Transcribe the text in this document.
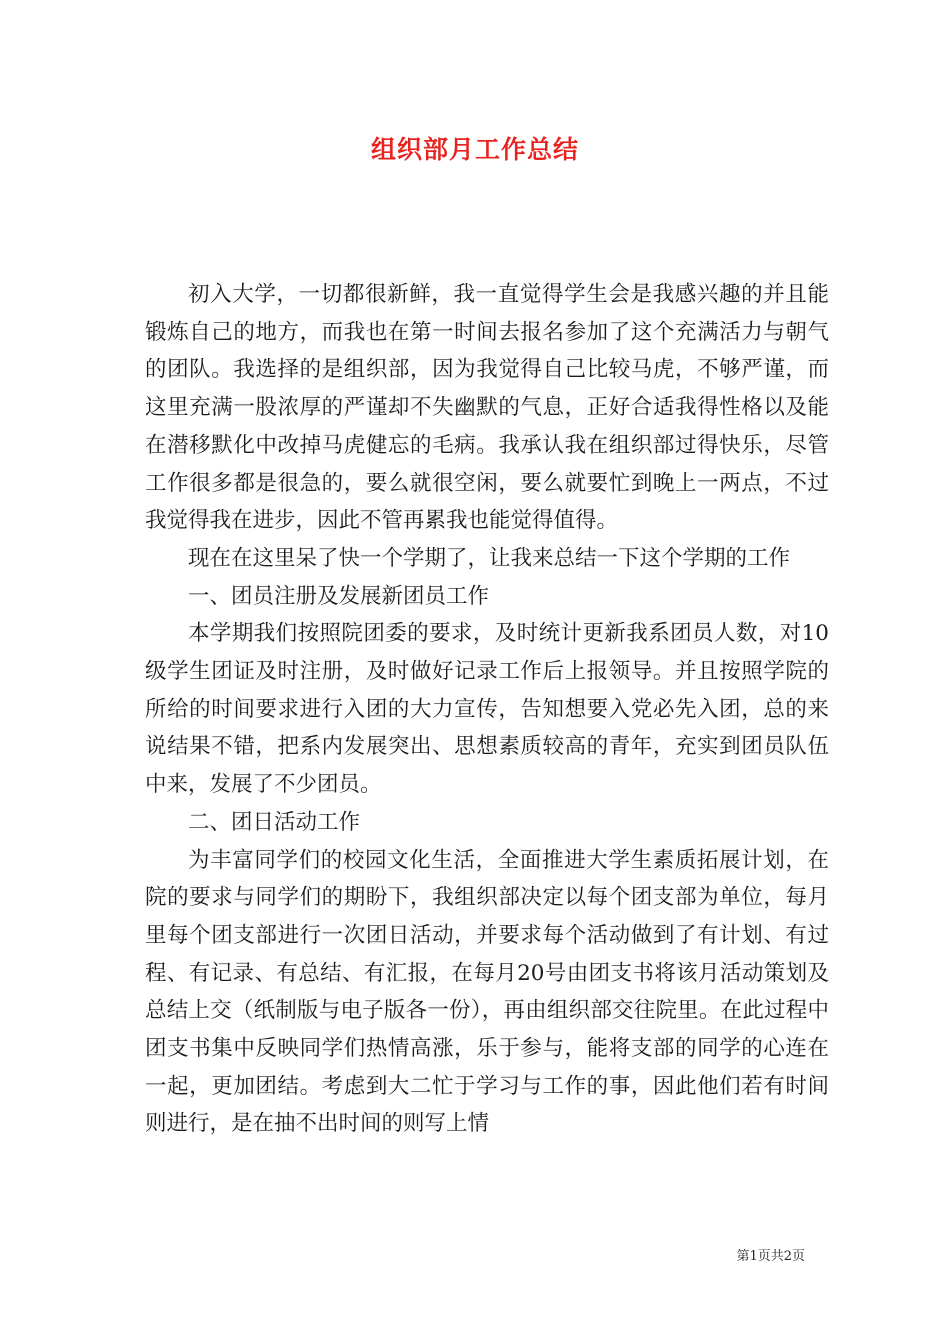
组织部月工作总结

初入大学，一切都很新鲜，我一直觉得学生会是我感兴趣的并且能锻炼自己的地方，而我也在第一时间去报名参加了这个充满活力与朝气的团队。我选择的是组织部，因为我觉得自己比较马虎，不够严谨，而这里充满一股浓厚的严谨却不失幽默的气息，正好合适我得性格以及能在潜移默化中改掉马虎健忘的毛病。我承认我在组织部过得快乐，尽管工作很多都是很急的，要么就很空闲，要么就要忙到晚上一两点，不过我觉得我在进步，因此不管再累我也能觉得值得。

现在在这里呆了快一个学期了，让我来总结一下这个学期的工作

一、团员注册及发展新团员工作

本学期我们按照院团委的要求，及时统计更新我系团员人数，对10级学生团证及时注册，及时做好记录工作后上报领导。并且按照学院的所给的时间要求进行入团的大力宣传，告知想要入党必先入团，总的来说结果不错，把系内发展突出、思想素质较高的青年，充实到团员队伍中来，发展了不少团员。

二、团日活动工作

为丰富同学们的校园文化生活，全面推进大学生素质拓展计划，在院的要求与同学们的期盼下，我组织部决定以每个团支部为单位，每月里每个团支部进行一次团日活动，并要求每个活动做到了有计划、有过程、有记录、有总结、有汇报，在每月20号由团支书将该月活动策划及总结上交（纸制版与电子版各一份），再由组织部交往院里。在此过程中团支书集中反映同学们热情高涨，乐于参与，能将支部的同学的心连在一起，更加团结。考虑到大二忙于学习与工作的事，因此他们若有时间则进行，是在抽不出时间的则写上情

第1页共2页
